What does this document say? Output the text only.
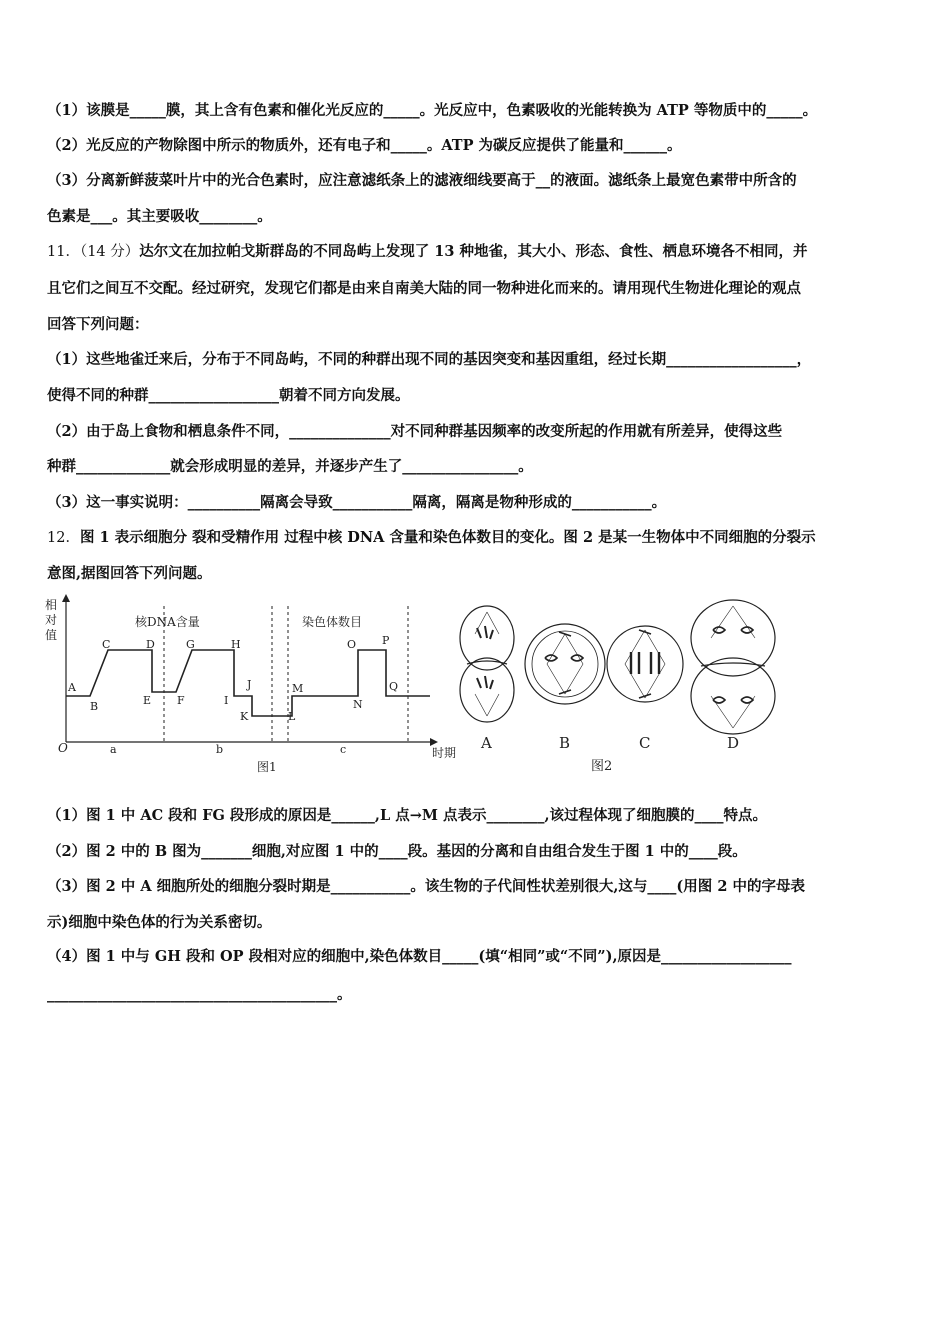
（1）该膜是_____膜，其上含有色素和催化光反应的_____。光反应中，色素吸收的光能转换为 ATP 等物质中的_____。
（2）光反应的产物除图中所示的物质外，还有电子和_____。ATP 为碳反应提供了能量和______。
（3）分离新鲜菠菜叶片中的光合色素时，应注意滤纸条上的滤液细线要高于__的液面。滤纸条上最宽色素带中所含的
色素是___。其主要吸收________。
11．（14 分）达尔文在加拉帕戈斯群岛的不同岛屿上发现了 13 种地雀，其大小、形态、食性、栖息环境各不相同，并
且它们之间互不交配。经过研究，发现它们都是由来自南美大陆的同一物种进化而来的。请用现代生物进化理论的观点
回答下列问题：
（1）这些地雀迁来后，分布于不同岛屿，不同的种群出现不同的基因突变和基因重组，经过长期__________________，
使得不同的种群__________________朝着不同方向发展。
（2）由于岛上食物和栖息条件不同，______________对不同种群基因频率的改变所起的作用就有所差异，使得这些
种群_____________就会形成明显的差异，并逐步产生了________________。
（3）这一事实说明：__________隔离会导致___________隔离，隔离是物种形成的___________。
12．图 1 表示细胞分 裂和受精作用 过程中核 DNA 含量和染色体数目的变化。图 2 是某一生物体中不同细胞的分裂示
意图,据图回答下列问题。
相
对
值
O	时期
核DNA含量	染色体数目
图1
A
B
C	D
E F
G	H
I
J
K	L
M
N
O P
Q
a	b	c	A	B	C	D
图2
（1）图 1 中 AC 段和 FG 段形成的原因是______,L 点→M 点表示________,该过程体现了细胞膜的____特点。
（2）图 2 中的 B 图为_______细胞,对应图 1 中的____段。基因的分离和自由组合发生于图 1 中的____段。
（3）图 2 中 A 细胞所处的细胞分裂时期是___________。该生物的子代间性状差别很大,这与____(用图 2 中的字母表
示)细胞中染色体的行为关系密切。
（4）图 1 中与 GH 段和 OP 段相对应的细胞中,染色体数目_____(填“相同”或“不同”),原因是__________________
________________________________________。
